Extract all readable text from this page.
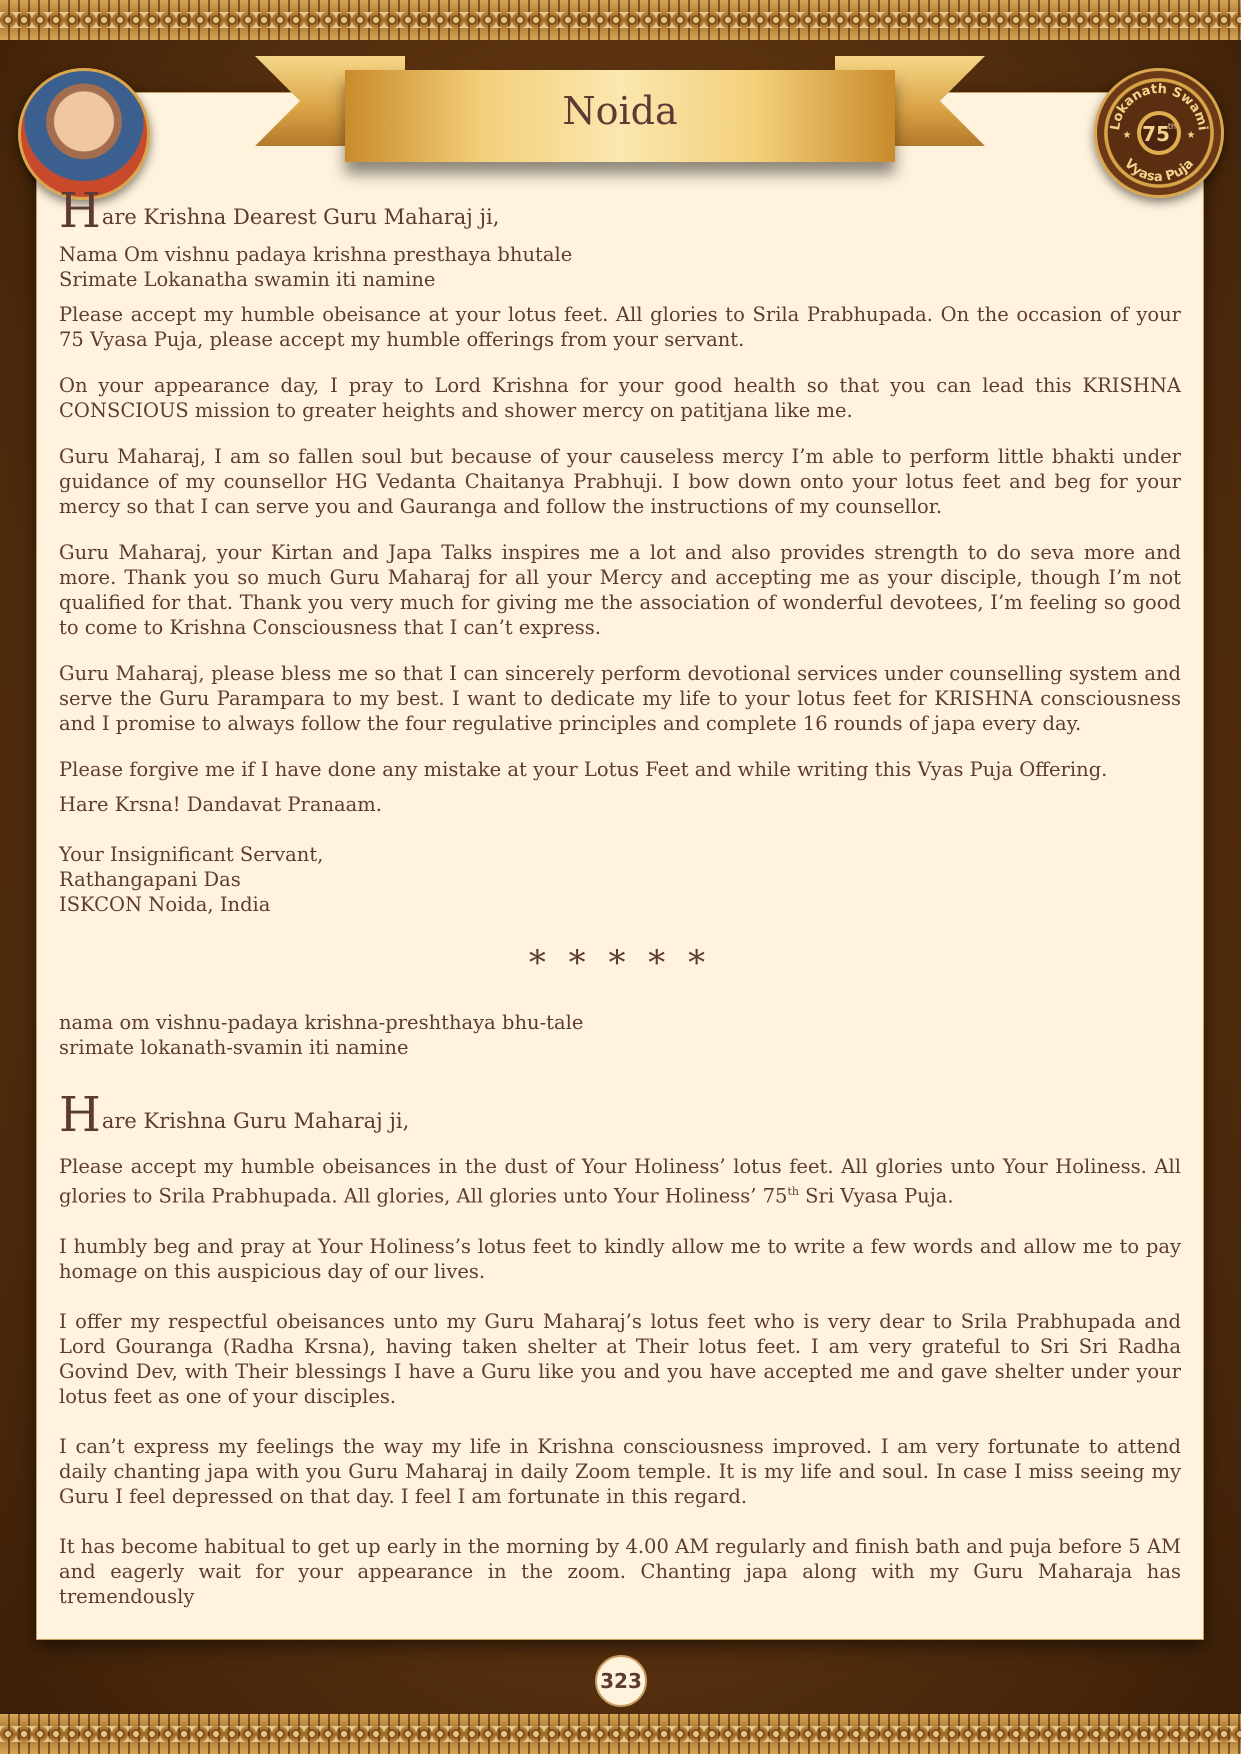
Lokanath Swami
Vyasa Puja
75
th
★	★
Noida
Hare Krishna Dearest Guru Maharaj ji,

Nama Om vishnu padaya krishna presthaya bhutale
Srimate Lokanatha swamin iti namine

Please accept my humble obeisance at your lotus feet. All glories to Srila Prabhupada. On the occasion of your 75 Vyasa Puja, please accept my humble offerings from your servant.

On your appearance day, I pray to Lord Krishna for your good health so that you can lead this KRISHNA CONSCIOUS mission to greater heights and shower mercy on patitjana like me.

Guru Maharaj, I am so fallen soul but because of your causeless mercy I’m able to perform little bhakti under guidance of my counsellor HG Vedanta Chaitanya Prabhuji. I bow down onto your lotus feet and beg for your mercy so that I can serve you and Gauranga and follow the instructions of my counsellor.

Guru Maharaj, your Kirtan and Japa Talks inspires me a lot and also provides strength to do seva more and more. Thank you so much Guru Maharaj for all your Mercy and accepting me as your disciple, though I’m not qualified for that. Thank you very much for giving me the association of wonderful devotees, I’m feeling so good to come to Krishna Consciousness that I can’t express.

Guru Maharaj, please bless me so that I can sincerely perform devotional services under counselling system and serve the Guru Parampara to my best. I want to dedicate my life to your lotus feet for KRISHNA consciousness and I promise to always follow the four regulative principles and complete 16 rounds of japa every day.

Please forgive me if I have done any mistake at your Lotus Feet and while writing this Vyas Puja Offering.

Hare Krsna! Dandavat Pranaam.

Your Insignificant Servant,
Rathangapani Das
ISKCON Noida, India

* * * * *

nama om vishnu-padaya krishna-preshthaya bhu-tale
srimate lokanath-svamin iti namine

Hare Krishna Guru Maharaj ji,

Please accept my humble obeisances in the dust of Your Holiness’ lotus feet. All glories unto Your Holiness. All glories to Srila Prabhupada. All glories, All glories unto Your Holiness’ 75th Sri Vyasa Puja.

I humbly beg and pray at Your Holiness’s lotus feet to kindly allow me to write a few words and allow me to pay homage on this auspicious day of our lives.

I offer my respectful obeisances unto my Guru Maharaj’s lotus feet who is very dear to Srila Prabhupada and Lord Gouranga (Radha Krsna), having taken shelter at Their lotus feet. I am very grateful to Sri Sri Radha Govind Dev, with Their blessings I have a Guru like you and you have accepted me and gave shelter under your lotus feet as one of your disciples.

I can’t express my feelings the way my life in Krishna consciousness improved. I am very fortunate to attend daily chanting japa with you Guru Maharaj in daily Zoom temple. It is my life and soul. In case I miss seeing my Guru I feel depressed on that day. I feel I am fortunate in this regard.

It has become habitual to get up early in the morning by 4.00 AM regularly and finish bath and puja before 5 AM and eagerly wait for your appearance in the zoom. Chanting japa along with my Guru Maharaja has tremendously

323
